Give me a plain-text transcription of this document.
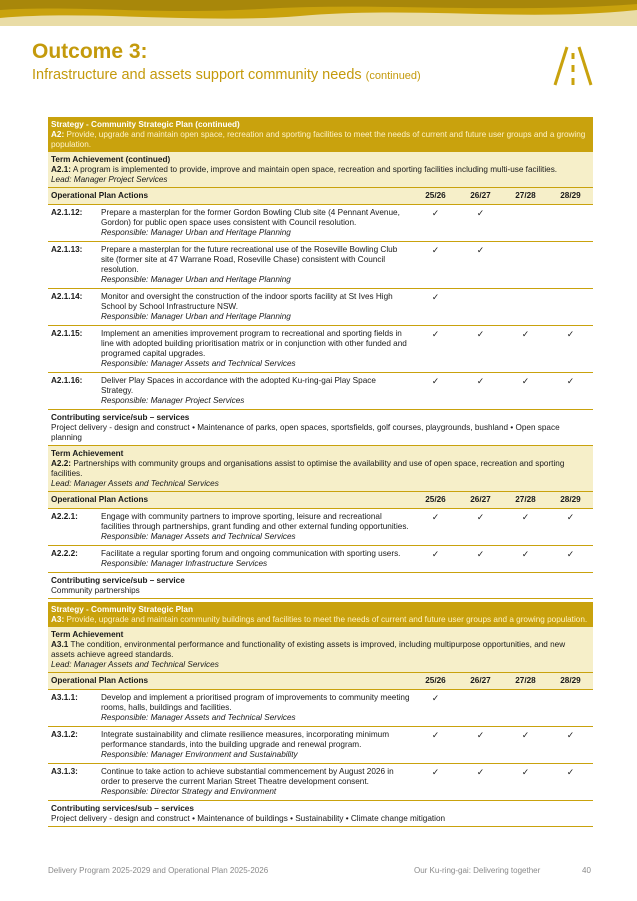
Outcome 3:
Infrastructure and assets support community needs (continued)
Strategy - Community Strategic Plan (continued)
A2: Provide, upgrade and maintain open space, recreation and sporting facilities to meet the needs of current and future user groups and a growing population.
Term Achievement (continued)
A2.1: A program is implemented to provide, improve and maintain open space, recreation and sporting facilities including multi-use facilities.
Lead: Manager Project Services
Operational Plan Actions		25/26	26/27	27/28	28/29
A2.1.12:	Prepare a masterplan for the former Gordon Bowling Club site (4 Pennant Avenue, Gordon) for public open space uses consistent with Council resolution.
Responsible: Manager Urban and Heritage Planning	✓	✓		
A2.1.13:	Prepare a masterplan for the future recreational use of the Roseville Bowling Club site (former site at 47 Warrane Road, Roseville Chase) consistent with Council resolution.
Responsible: Manager Urban and Heritage Planning	✓	✓		
A2.1.14:	Monitor and oversight the construction of the indoor sports facility at St Ives High School by School Infrastructure NSW.
Responsible: Manager Urban and Heritage Planning	✓			
A2.1.15:	Implement an amenities improvement program to recreational and sporting fields in line with adopted building prioritisation matrix or in conjunction with other funded and programed capital upgrades.
Responsible: Manager Assets and Technical Services	✓	✓	✓	✓
A2.1.16:	Deliver Play Spaces in accordance with the adopted Ku-ring-gai Play Space Strategy.
Responsible: Manager Project Services	✓	✓	✓	✓
Contributing service/sub – services
Project delivery - design and construct • Maintenance of parks, open spaces, sportsfields, golf courses, playgrounds, bushland • Open space planning
Term Achievement
A2.2: Partnerships with community groups and organisations assist to optimise the availability and use of open space, recreation and sporting facilities.
Lead: Manager Assets and Technical Services
Operational Plan Actions		25/26	26/27	27/28	28/29
A2.2.1:	Engage with community partners to improve sporting, leisure and recreational facilities through partnerships, grant funding and other external funding opportunities.
Responsible: Manager Assets and Technical Services	✓	✓	✓	✓
A2.2.2:	Facilitate a regular sporting forum and ongoing communication with sporting users.
Responsible: Manager Infrastructure Services	✓	✓	✓	✓
Contributing service/sub – service
Community partnerships
Strategy - Community Strategic Plan
A3: Provide, upgrade and maintain community buildings and facilities to meet the needs of current and future user groups and a growing population.
Term Achievement
A3.1 The condition, environmental performance and functionality of existing assets is improved, including multipurpose opportunities, and new assets achieve agreed standards.
Lead: Manager Assets and Technical Services
Operational Plan Actions		25/26	26/27	27/28	28/29
A3.1.1:	Develop and implement a prioritised program of improvements to community meeting rooms, halls, buildings and facilities.
Responsible: Manager Assets and Technical Services	✓			
A3.1.2:	Integrate sustainability and climate resilience measures, incorporating minimum performance standards, into the building upgrade and renewal program.
Responsible: Manager Environment and Sustainability	✓	✓	✓	✓
A3.1.3:	Continue to take action to achieve substantial commencement by August 2026 in order to preserve the current Marian Street Theatre development consent.
Responsible: Director Strategy and Environment	✓	✓	✓	✓
Contributing services/sub – services
Project delivery - design and construct • Maintenance of buildings • Sustainability • Climate change mitigation
Delivery Program 2025-2029 and Operational Plan 2025-2026	Our Ku-ring-gai: Delivering together	40
